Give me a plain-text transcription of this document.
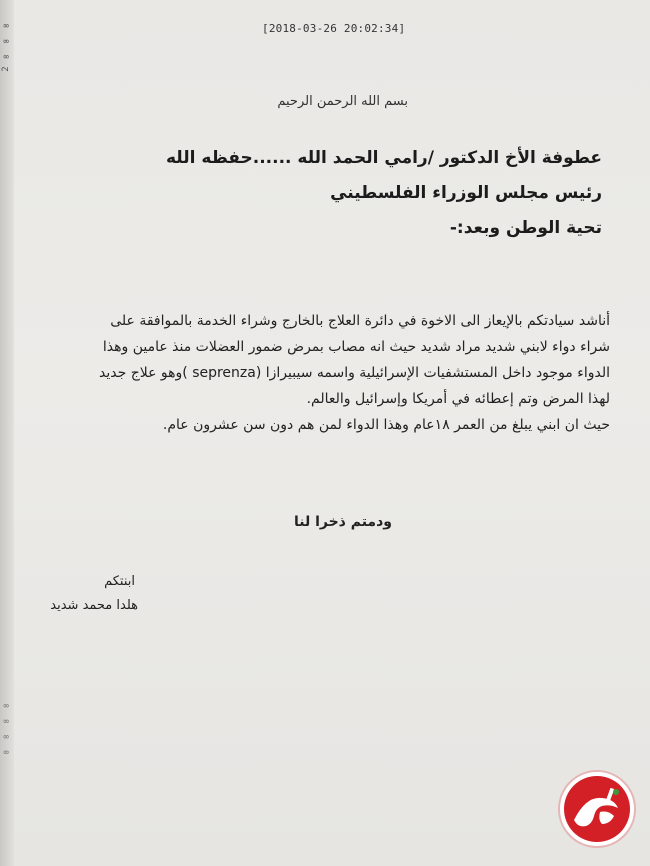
2 ∞ ∞ ∞
∞ ∞ ∞ ∞
[2018-03-26 20:02:34]
بسم الله الرحمن الرحيم
عطوفة الأخ الدكتور /رامي الحمد الله ......حفظه الله
رئيس مجلس الوزراء الفلسطيني
تحية الوطن وبعد:-
أناشد سيادتكم بالإيعاز الى الاخوة في دائرة العلاج بالخارج وشراء الخدمة بالموافقة على
شراء دواء لابني شديد مراد شديد حيث انه مصاب بمرض ضمور العضلات منذ عامين وهذا
الدواء موجود داخل المستشفيات الإسرائيلية واسمه سيبيرازا (seprenza )وهو علاج جديد
لهذا المرض وتم إعطائه في أمريكا وإسرائيل والعالم.
حيث ان ابني يبلغ من العمر ١٨عام وهذا الدواء لمن هم دون سن عشرون عام.
ودمتم ذخرا لنا
ابنتكم
هلدا محمد شديد
